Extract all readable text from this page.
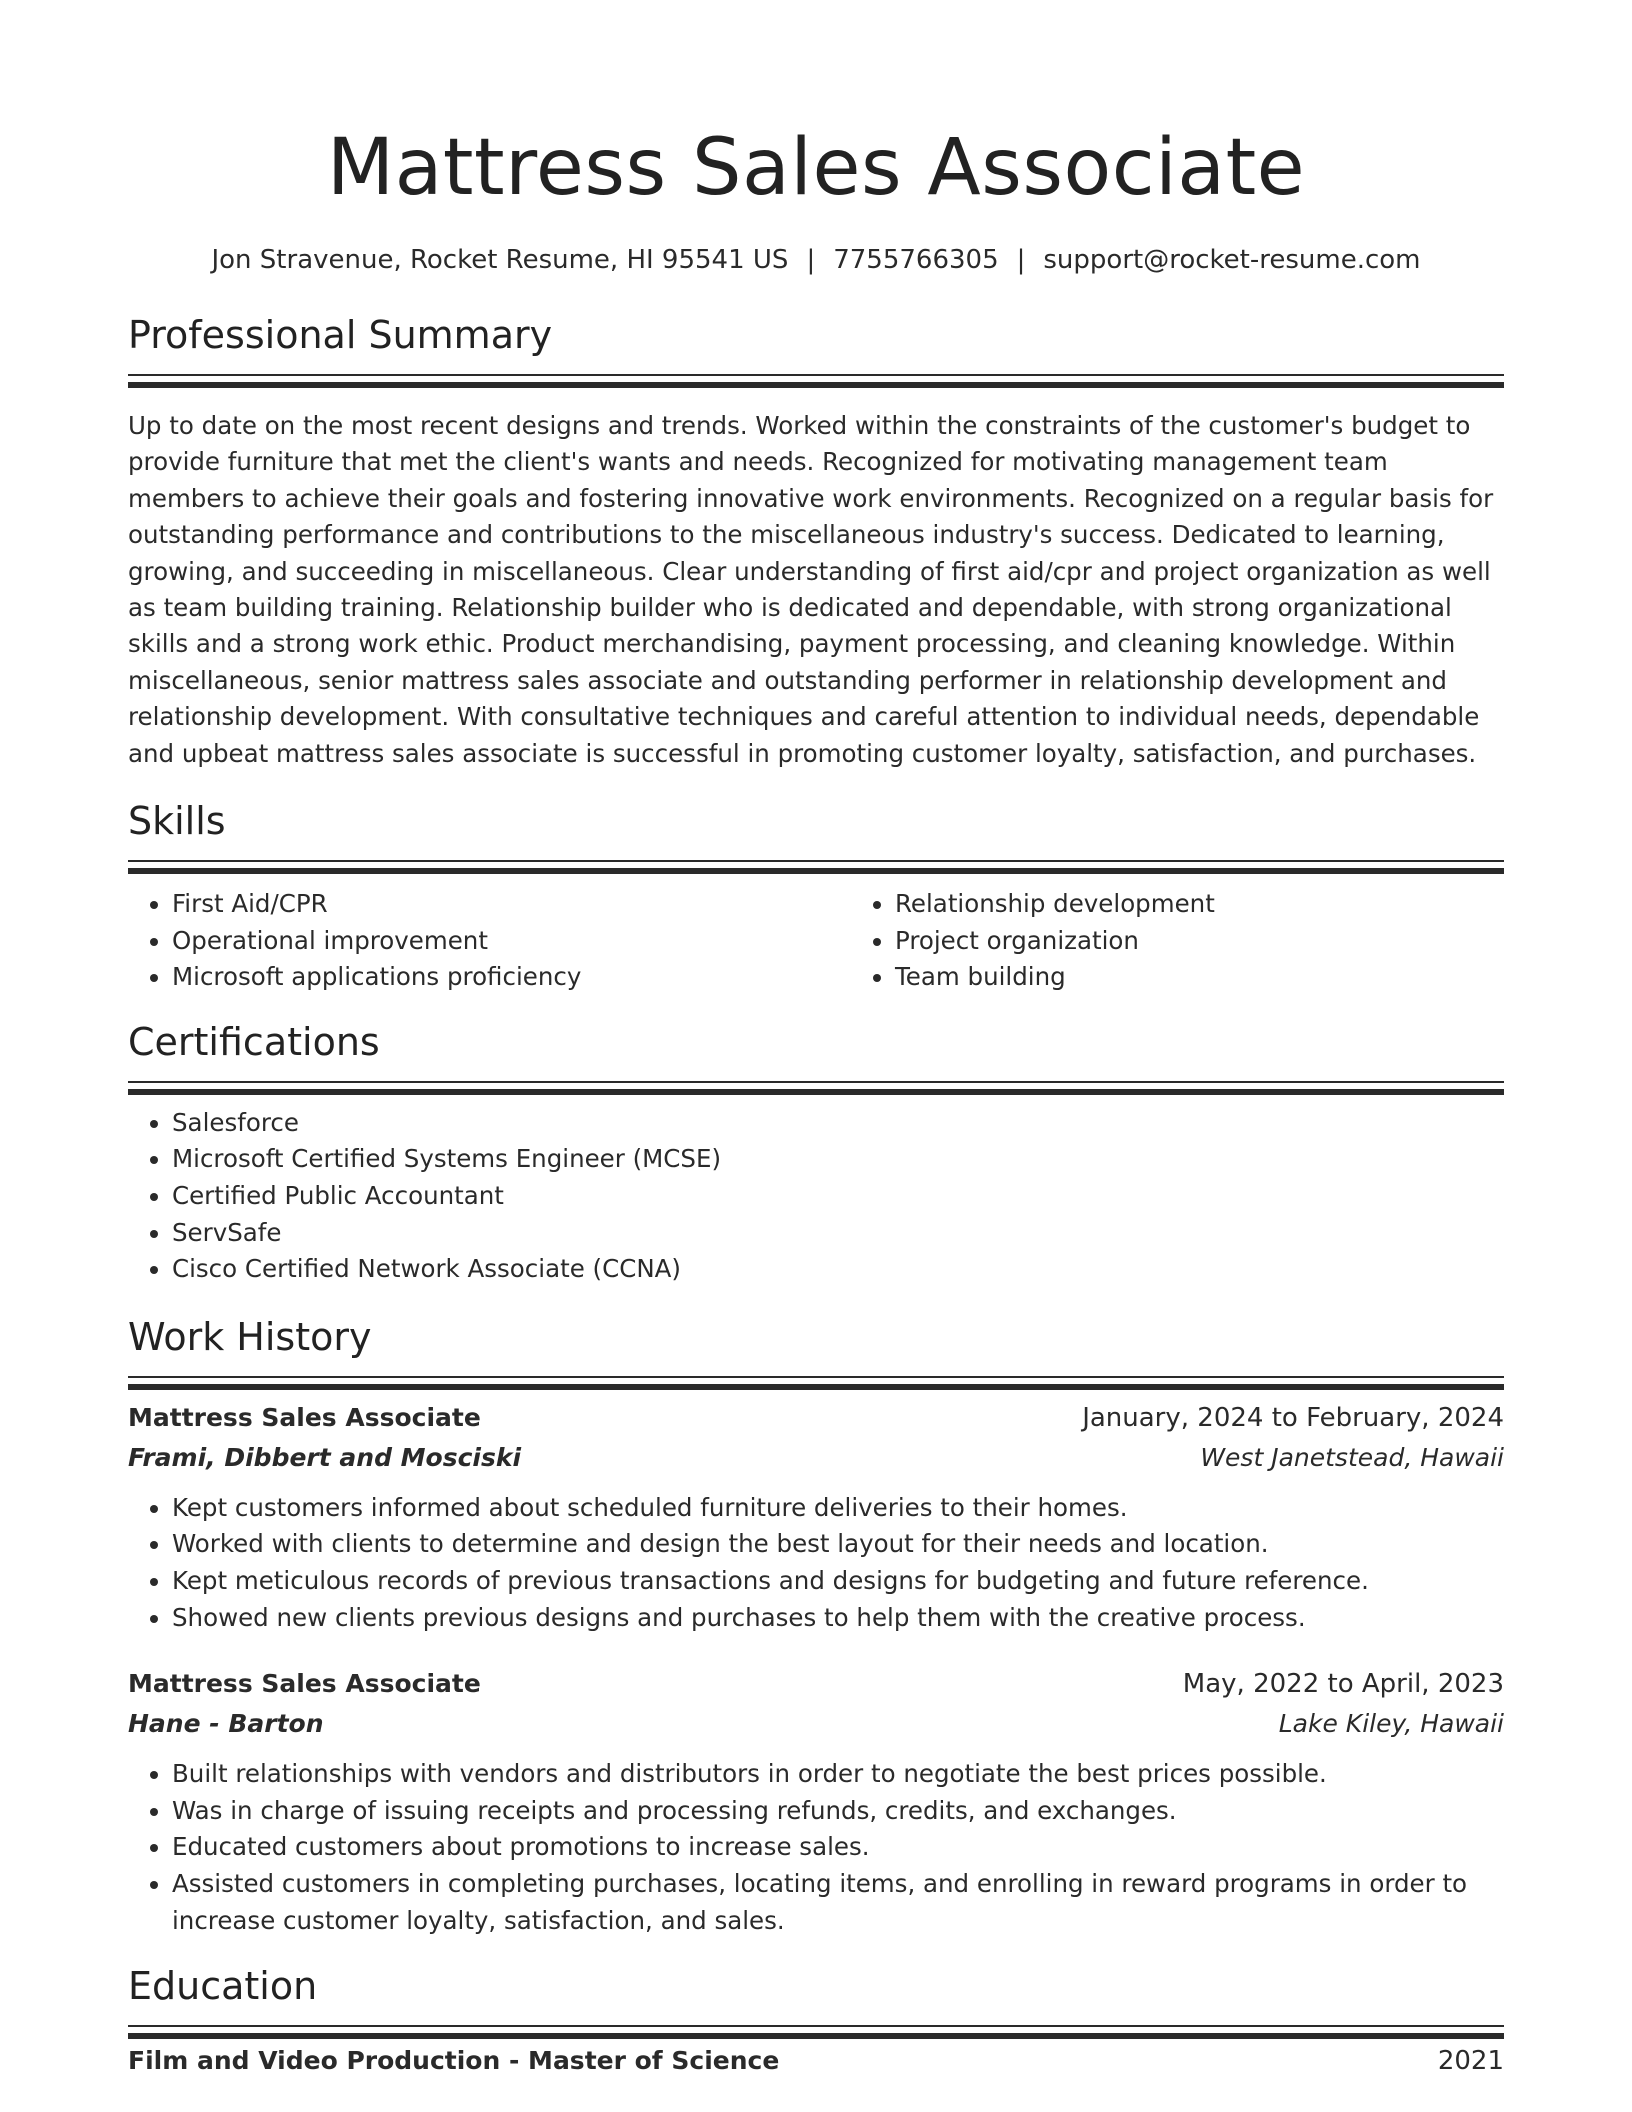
Mattress Sales Associate
Jon Stravenue, Rocket Resume, HI 95541 US | 7755766305 | support@rocket-resume.com
Professional Summary

Up to date on the most recent designs and trends. Worked within the constraints of the customer's budget to provide furniture that met the client's wants and needs. Recognized for motivating management team members to achieve their goals and fostering innovative work environments. Recognized on a regular basis for outstanding performance and contributions to the miscellaneous industry's success. Dedicated to learning, growing, and succeeding in miscellaneous. Clear understanding of first aid/cpr and project organization as well as team building training. Relationship builder who is dedicated and dependable, with strong organizational skills and a strong work ethic. Product merchandising, payment processing, and cleaning knowledge. Within miscellaneous, senior mattress sales associate and outstanding performer in relationship development and relationship development. With consultative techniques and careful attention to individual needs, dependable and upbeat mattress sales associate is successful in promoting customer loyalty, satisfaction, and purchases.

Skills
• First Aid/CPR
• Operational improvement
• Microsoft applications proficiency
• Relationship development
• Project organization
• Team building
Certifications
• Salesforce
• Microsoft Certified Systems Engineer (MCSE)
• Certified Public Accountant
• ServSafe
• Cisco Certified Network Associate (CCNA)
Work History
Mattress Sales Associate	January, 2024 to February, 2024
Frami, Dibbert and Mosciski	West Janetstead, Hawaii
• Kept customers informed about scheduled furniture deliveries to their homes.
• Worked with clients to determine and design the best layout for their needs and location.
• Kept meticulous records of previous transactions and designs for budgeting and future reference.
• Showed new clients previous designs and purchases to help them with the creative process.
Mattress Sales Associate	May, 2022 to April, 2023
Hane - Barton	Lake Kiley, Hawaii
• Built relationships with vendors and distributors in order to negotiate the best prices possible.
• Was in charge of issuing receipts and processing refunds, credits, and exchanges.
• Educated customers about promotions to increase sales.
• Assisted customers in completing purchases, locating items, and enrolling in reward programs in order to increase customer loyalty, satisfaction, and sales.
Education
Film and Video Production - Master of Science	2021
